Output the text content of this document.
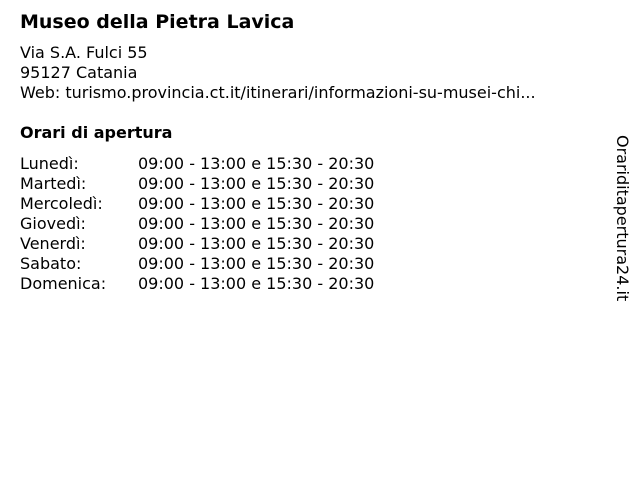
Museo della Pietra Lavica
Via S.A. Fulci 55
95127 Catania
Web: turismo.provincia.ct.it/itinerari/informazioni-su-musei-chi...
Orari di apertura
Lunedì:	09:00 - 13:00 e 15:30 - 20:30
Martedì:	09:00 - 13:00 e 15:30 - 20:30
Mercoledì: 09:00 - 13:00 e 15:30 - 20:30
Giovedì:	09:00 - 13:00 e 15:30 - 20:30
Venerdì:	09:00 - 13:00 e 15:30 - 20:30
Sabato:	09:00 - 13:00 e 15:30 - 20:30
Domenica: 09:00 - 13:00 e 15:30 - 20:30	Orariditapertura24.it
